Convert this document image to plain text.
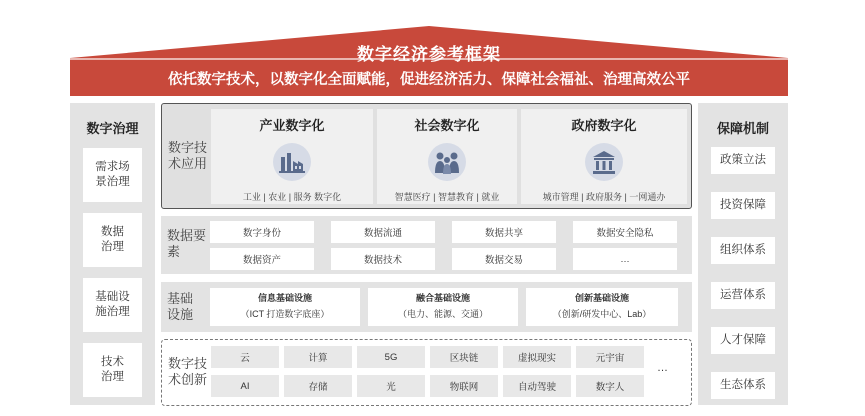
数字经济参考框架
依托数字技术，以数字化全面赋能，促进经济活力、保障社会福祉、治理高效公平
数字治理
需求场
景治理
数据
治理
基础设
施治理
技术
治理
保障机制
政策立法
投资保障
组织体系
运营体系
人才保障
生态体系
数字技
术应用
产业数字化
工业 | 农业 | 服务 数字化
社会数字化
智慧医疗 | 智慧教育 | 就业
政府数字化
城市管理 | 政府服务 | 一网通办
数据要
素
数字身份	数据流通	数据共享	数据安全隐私
数据资产	数据技术	数据交易	…
基础
设施
信息基础设施
（ICT 打造数字底座）
融合基础设施
（电力、能源、交通）
创新基础设施
（创新/研发中心、Lab）
数字技
术创新
云	计算	5G	区块链	虚拟现实	元宇宙
AI	存储	光	物联网	自动驾驶	数字人
…
